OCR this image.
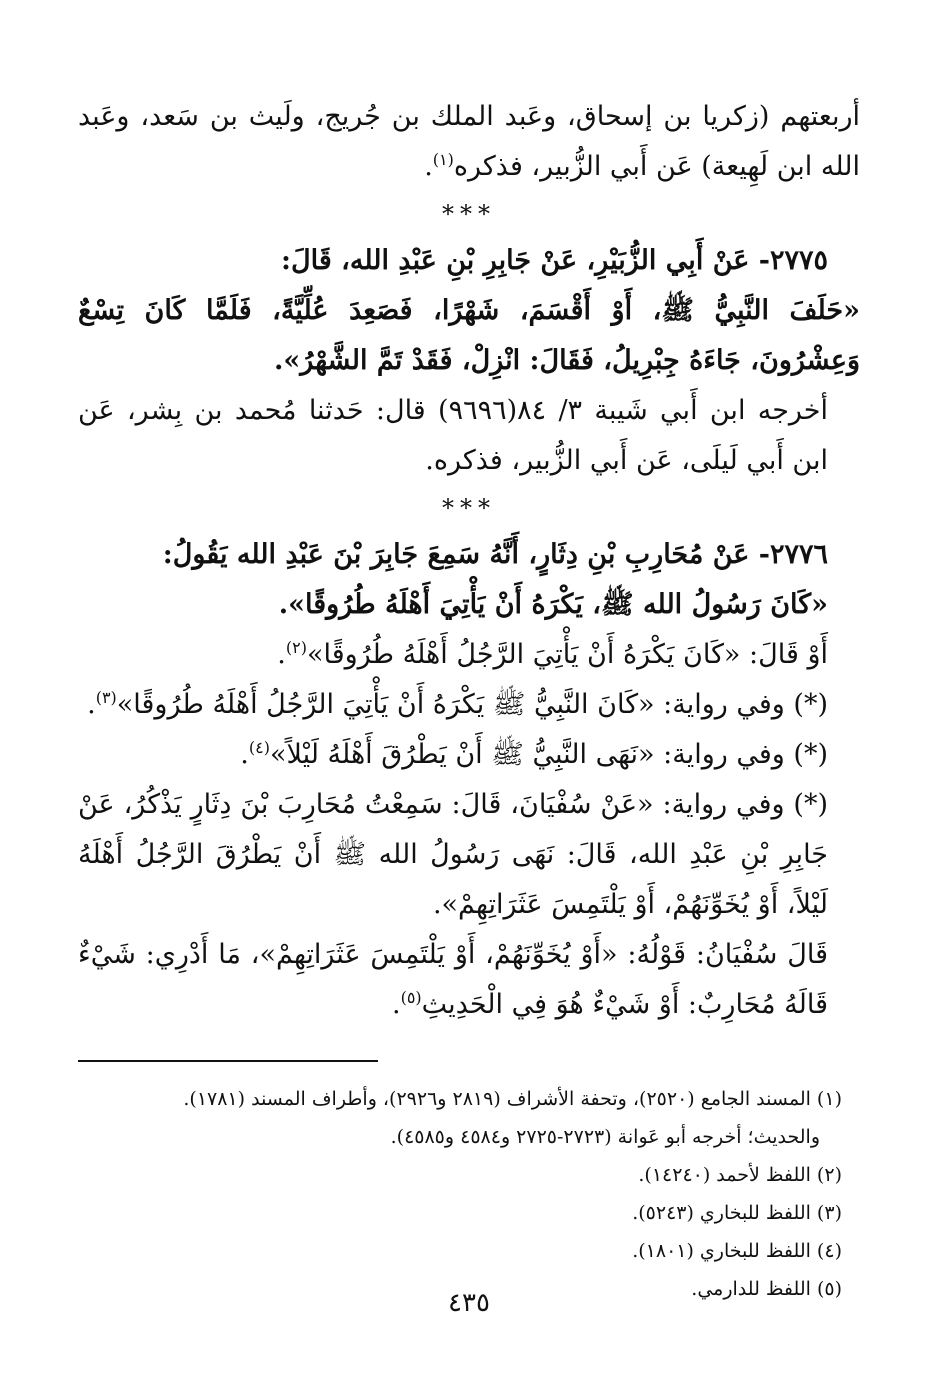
أربعتهم (زكريا بن إسحاق، وعَبد الملك بن جُريج، ولَيث بن سَعد، وعَبد الله ابن لَهِيعة) عَن أَبي الزُّبير، فذكره$^{(١)}$.

***

٢٧٧٥- عَنْ أَبِي الزُّبَيْرِ، عَنْ جَابِرِ بْنِ عَبْدِ الله، قَالَ:

«حَلَفَ النَّبِيُّ ﷺ، أَوْ أَقْسَمَ، شَهْرًا، فَصَعِدَ عُلِّيَّةً، فَلَمَّا كَانَ تِسْعٌ وَعِشْرُونَ، جَاءَهُ جِبْرِيلُ، فَقَالَ: انْزِلْ، فَقَدْ تَمَّ الشَّهْرُ».

أخرجه ابن أَبي شَيبة ٣/ ٨٤(٩٦٩٦) قال: حَدثنا مُحمد بن بِشر، عَن ابن أَبي لَيلَى، عَن أَبي الزُّبير، فذكره.

***

٢٧٧٦- عَنْ مُحَارِبِ بْنِ دِثَارٍ، أَنَّهُ سَمِعَ جَابِرَ بْنَ عَبْدِ الله يَقُولُ:

«كَانَ رَسُولُ الله ﷺ، يَكْرَهُ أَنْ يَأْتِيَ أَهْلَهُ طُرُوقًا».

أَوْ قَالَ: «كَانَ يَكْرَهُ أَنْ يَأْتِيَ الرَّجُلُ أَهْلَهُ طُرُوقًا»$^{(٢)}$.

(*) وفي رواية: «كَانَ النَّبِيُّ ﷺ يَكْرَهُ أَنْ يَأْتِيَ الرَّجُلُ أَهْلَهُ طُرُوقًا»$^{(٣)}$.

(*) وفي رواية: «نَهَى النَّبِيُّ ﷺ أَنْ يَطْرُقَ أَهْلَهُ لَيْلاً»$^{(٤)}$.

(*) وفي رواية: «عَنْ سُفْيَانَ، قَالَ: سَمِعْتُ مُحَارِبَ بْنَ دِثَارٍ يَذْكُرُ، عَنْ جَابِرِ بْنِ عَبْدِ الله، قَالَ: نَهَى رَسُولُ الله ﷺ أَنْ يَطْرُقَ الرَّجُلُ أَهْلَهُ لَيْلاً، أَوْ يُخَوِّنَهُمْ، أَوْ يَلْتَمِسَ عَثَرَاتِهِمْ».

قَالَ سُفْيَانُ: قَوْلُهُ: «أَوْ يُخَوِّنَهُمْ، أَوْ يَلْتَمِسَ عَثَرَاتِهِمْ»، مَا أَدْرِي: شَيْءٌ قَالَهُ مُحَارِبٌ: أَوْ شَيْءٌ هُوَ فِي الْحَدِيثِ$^{(٥)}$.

(١) المسند الجامع (٢٥٢٠)، وتحفة الأشراف (٢٨١٩ و٢٩٢٦)، وأطراف المسند (١٧٨١).

والحديث؛ أخرجه أبو عَوانة (٢٧٢٣-٢٧٢٥ و٤٥٨٤ و٤٥٨٥).

(٢) اللفظ لأحمد (١٤٢٤٠).

(٣) اللفظ للبخاري (٥٢٤٣).

(٤) اللفظ للبخاري (١٨٠١).

(٥) اللفظ للدارمي.

٤٣٥
